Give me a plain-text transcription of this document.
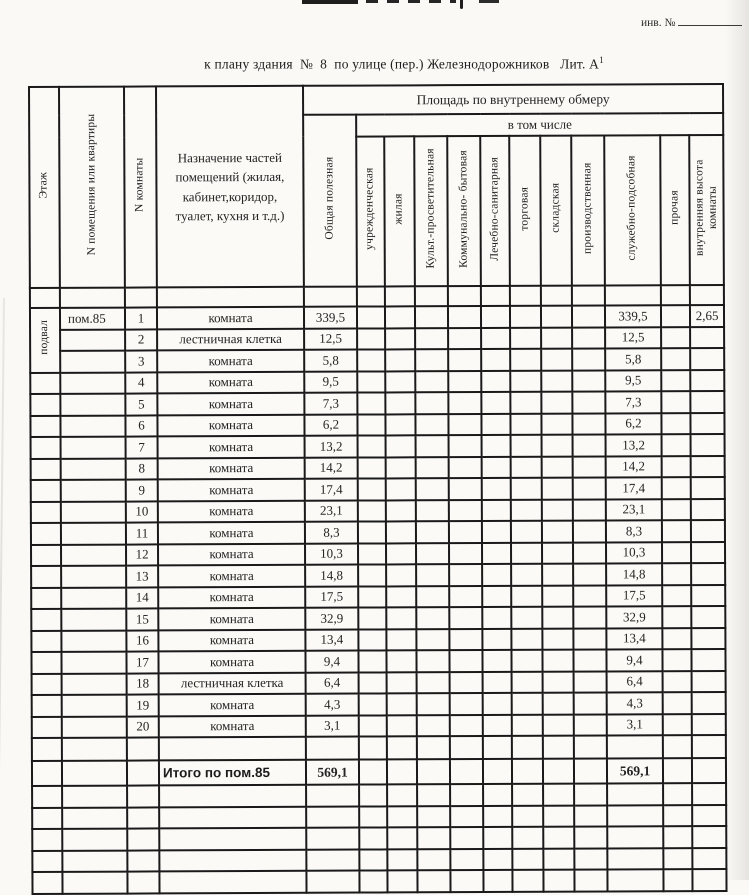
инв. №

к плану здания  №  8  по улице (пер.) Железнодорожников   Лит. $А^1$

Этаж	N помещения или квартиры	N комнаты	Назначение частей помещений (жилая, кабинет,коридор, туалет, кухня и т.д.)	Площадь по внутреннему обмеру											
				Общая полезная	в том числе										
					учрежденческая	жилая	Культ.-просветительная	Коммунально- бытовая	Лечебно-санитарная	торговая	складская	производственная	служебно-подсобная	прочая	внутренняя высота комнаты

подвал	пом.85	1	комната	339,5									339,5		2,65
		2	лестничная клетка	12,5									12,5		
		3	комната	5,8									5,8		
		4	комната	9,5									9,5		
		5	комната	7,3									7,3		
		6	комната	6,2									6,2		
		7	комната	13,2									13,2		
		8	комната	14,2									14,2		
		9	комната	17,4									17,4		
		10	комната	23,1									23,1		
		11	комната	8,3									8,3		
		12	комната	10,3									10,3		
		13	комната	14,8									14,8		
		14	комната	17,5									17,5		
		15	комната	32,9									32,9		
		16	комната	13,4									13,4		
		17	комната	9,4									9,4		
		18	лестничная клетка	6,4									6,4		
		19	комната	4,3									4,3		
		20	комната	3,1									3,1		

			Итого по пом.85	569,1									569,1		
